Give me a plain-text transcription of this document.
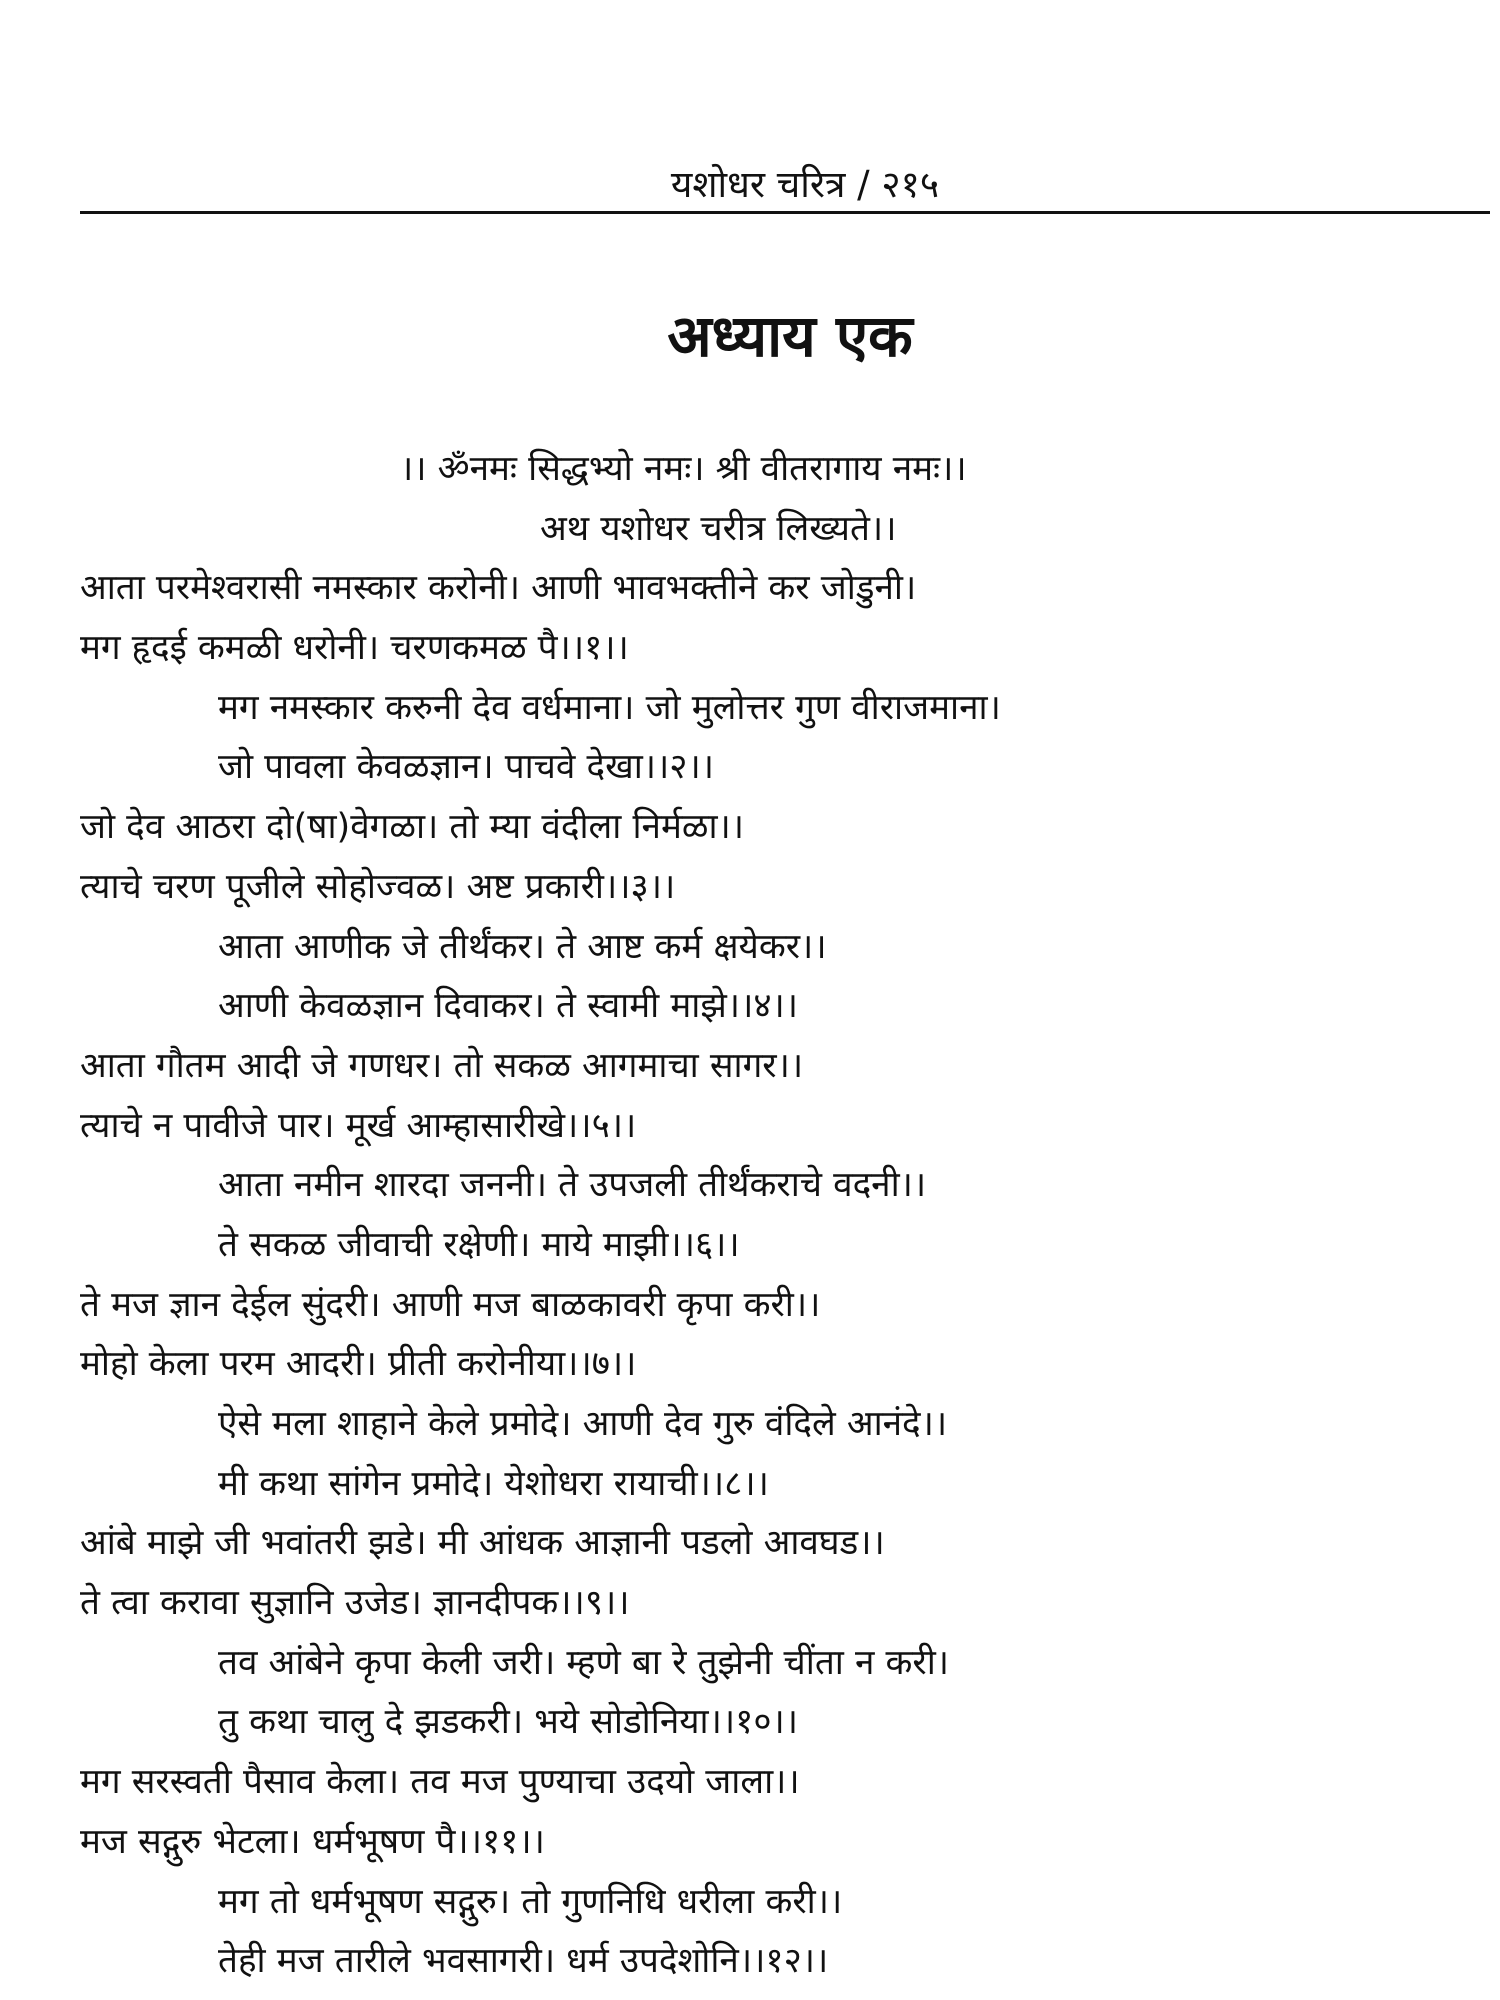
यशोधर चरित्र / २१५
अध्याय एक
।। ॐनमः सिद्धभ्यो नमः। श्री वीतरागाय नमः।।
अथ यशोधर चरीत्र लिख्यते।।
आता परमेश्वरासी नमस्कार करोनी। आणी भावभक्तीने कर जोडुनी।
मग हृदई कमळी धरोनी। चरणकमळ पै।।१।।
मग नमस्कार करुनी देव वर्धमाना। जो मुलोत्तर गुण वीराजमाना।
जो पावला केवळज्ञान। पाचवे देखा।।२।।
जो देव आठरा दो(षा)वेगळा। तो म्या वंदीला निर्मळा।।
त्याचे चरण पूजीले सोहोज्वळ। अष्ट प्रकारी।।३।।
आता आणीक जे तीर्थंकर। ते आष्ट कर्म क्षयेकर।।
आणी केवळज्ञान दिवाकर। ते स्वामी माझे।।४।।
आता गौतम आदी जे गणधर। तो सकळ आगमाचा सागर।।
त्याचे न पावीजे पार। मूर्ख आम्हासारीखे।।५।।
आता नमीन शारदा जननी। ते उपजली तीर्थंकराचे वदनी।।
ते सकळ जीवाची रक्षेणी। माये माझी।।६।।
ते मज ज्ञान देईल सुंदरी। आणी मज बाळकावरी कृपा करी।।
मोहो केला परम आदरी। प्रीती करोनीया।।७।।
ऐसे मला शाहाने केले प्रमोदे। आणी देव गुरु वंदिले आनंदे।।
मी कथा सांगेन प्रमोदे। येशोधरा रायाची।।८।।
आंबे माझे जी भवांतरी झडे। मी आंधक आज्ञानी पडलो आवघड।।
ते त्वा करावा सुज्ञानि उजेड। ज्ञानदीपक।।९।।
तव आंबेने कृपा केली जरी। म्हणे बा रे तुझेनी चींता न करी।
तु कथा चालु दे झडकरी। भये सोडोनिया।।१०।।
मग सरस्वती पैसाव केला। तव मज पुण्याचा उदयो जाला।।
मज सद्गुरु भेटला। धर्मभूषण पै।।११।।
मग तो धर्मभूषण सद्गुरु। तो गुणनिधि धरीला करी।।
तेही मज तारीले भवसागरी। धर्म उपदेशोनि।।१२।।
